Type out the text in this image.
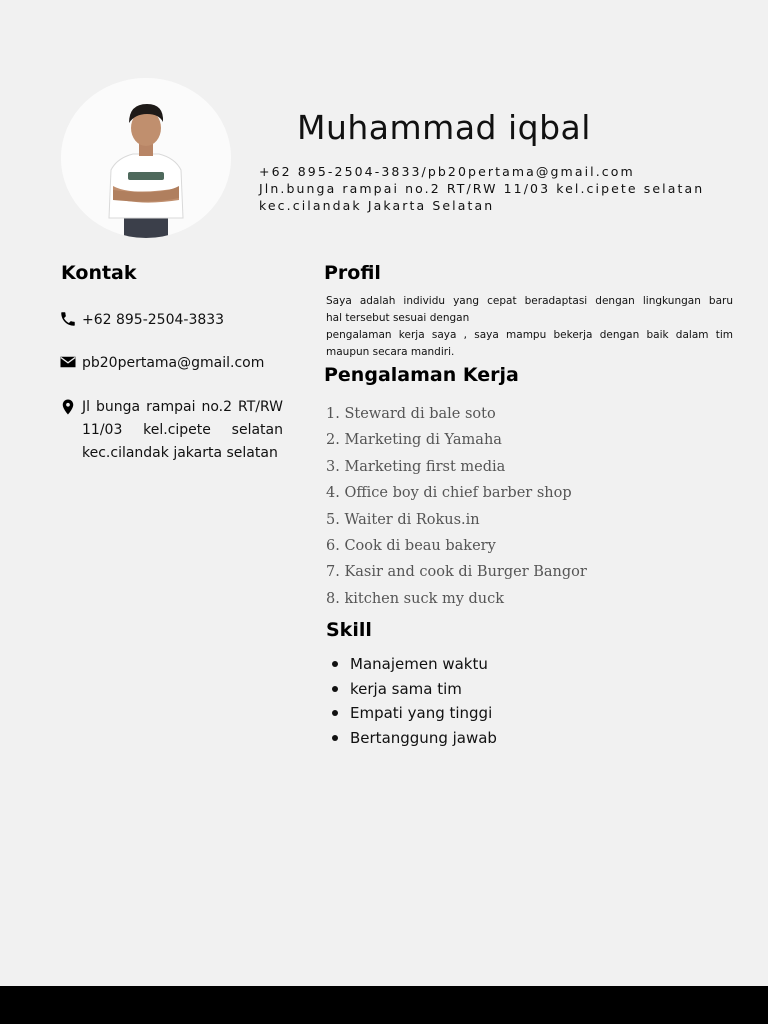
Muhammad iqbal
+62 895-2504-3833/pb20pertama@gmail.com
Jln.bunga rampai no.2 RT/RW 11/03 kel.cipete selatan
kec.cilandak Jakarta Selatan
Kontak
+62 895-2504-3833
pb20pertama@gmail.com
Jl bunga rampai no.2 RT/RW 11/03 kel.cipete selatan kec.cilandak jakarta selatan
Profil

Saya adalah individu yang cepat beradaptasi dengan lingkungan baru
hal tersebut sesuai dengan
pengalaman kerja saya , saya mampu bekerja dengan baik dalam tim
maupun secara mandiri.

Pengalaman Kerja
1. Steward di bale soto
2. Marketing di Yamaha
3. Marketing first media
4. Office boy di chief barber shop
5. Waiter di Rokus.in
6. Cook di beau bakery
7. Kasir and cook di Burger Bangor
8. kitchen suck my duck
Skill
Manajemen waktu
kerja sama tim
Empati yang tinggi
Bertanggung jawab
